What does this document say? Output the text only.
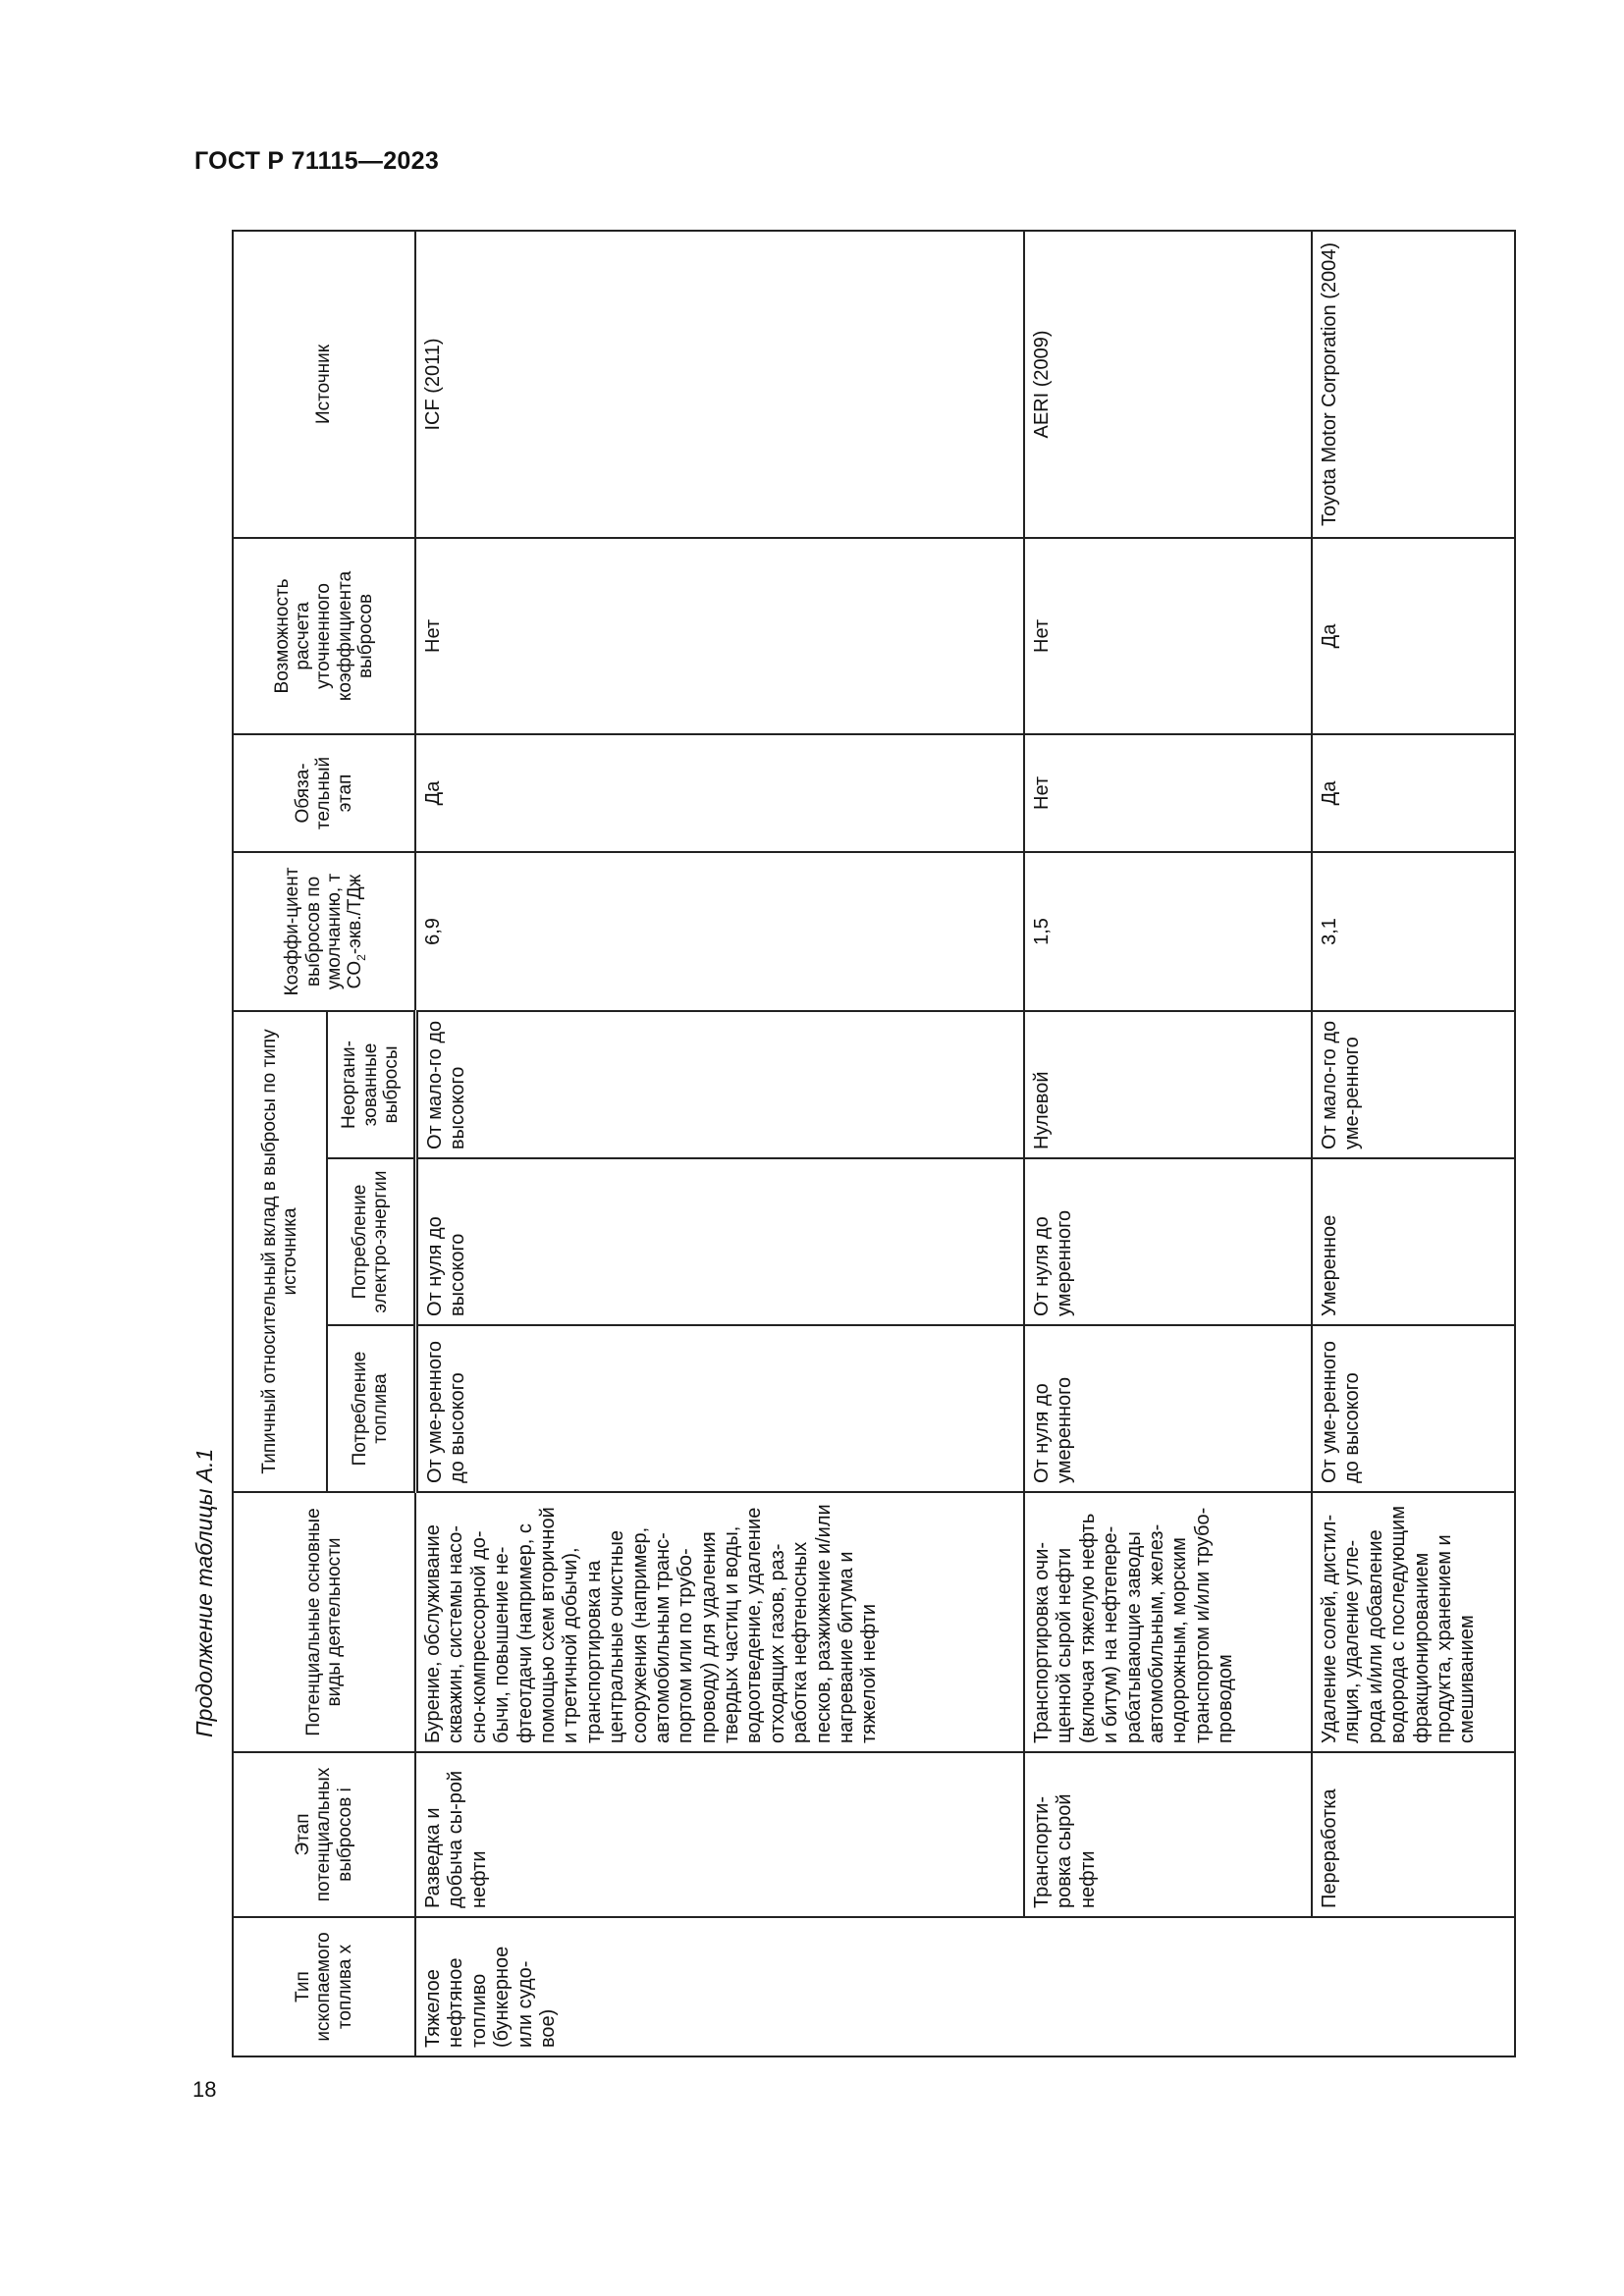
ГОСТ Р 71115—2023
18
Продолжение таблицы А.1
Тип ископаемого топлива x	Этап потенциальных выбросов i	Потенциальные основные виды деятельности	Типичный относительный вклад в выбросы по типу источника			Коэффи-циент выбросов по умолчанию, т $CO_2-экв$./ТДж	Обяза-тельный этап	Возможность расчета уточненного коэффициента выбросов	Источник
			Потребление топлива	Потребление электро-энергии	Неоргани-зованные выбросы				
Тяжелое нефтяное топливо (бункерное или судо-вое)	Разведка и добыча сы-рой нефти	Бурение, обслуживание скважин, системы насо-сно-компрессорной до-бычи, повышение не-фтеотдачи (например, с помощью схем вторичной и третичной добычи), транспортировка на центральные очистные сооружения (например, автомобильным транс-портом или по трубо-проводу) для удаления твердых частиц и воды, водоотведение, удаление отходящих газов, раз-работка нефтеносных песков, разжижение и/или нагревание битума и тяжелой нефти	От уме-ренного до высокого	От нуля до высокого	От мало-го до высокого	6,9	Да	Нет	ICF (2011)
	Транспорти-ровка сырой нефти	Транспортировка очи-щенной сырой нефти (включая тяжелую нефть и битум) на нефтепере-рабатывающие заводы автомобильным, желез-нодорожным, морским транспортом и/или трубо-проводом	От нуля до умеренного	От нуля до умеренного	Нулевой	1,5	Нет	Нет	AERI (2009)
	Переработка	Удаление солей, дистил-ляция, удаление угле-рода и/или добавление водорода с последующим фракционированием продукта, хранением и смешиванием	От уме-ренного до высокого	Умеренное	От мало-го до уме-ренного	3,1	Да	Да	Toyota Motor Corporation (2004)
